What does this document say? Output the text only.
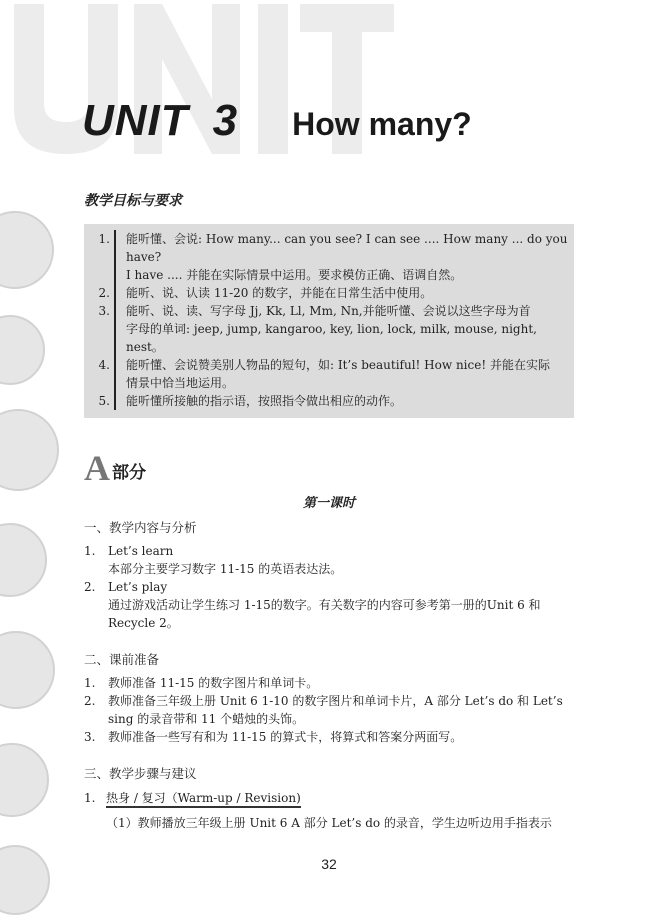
UNIT 3 How many?
教学目标与要求
1.	能听懂、会说: How many... can you see? I can see .... How many ... do you have?
I have .... 并能在实际情景中运用。要求模仿正确、语调自然。
2.	能听、说、认读 11-20 的数字，并能在日常生活中使用。
3.	能听、说、读、写字母 Jj, Kk, Ll, Mm, Nn,并能听懂、会说以这些字母为首
字母的单词: jeep, jump, kangaroo, key, lion, lock, milk, mouse, night, nest。
4.	能听懂、会说赞美别人物品的短句，如: It’s beautiful! How nice! 并能在实际
情景中恰当地运用。
5.	能听懂所接触的指示语，按照指令做出相应的动作。
A 部分
第一课时
一、教学内容与分析
1.	Let’s learn
本部分主要学习数字 11-15 的英语表达法。
2.	Let’s play
通过游戏活动让学生练习 1-15的数字。有关数字的内容可参考第一册的Unit 6 和 Recycle 2。
二、课前准备
1.	教师准备 11-15 的数字图片和单词卡。
2.	教师准备三年级上册 Unit 6 1-10 的数字图片和单词卡片，A 部分 Let’s do 和 Let’s
sing 的录音带和 11 个蜡烛的头饰。
3.	教师准备一些写有和为 11-15 的算式卡，将算式和答案分两面写。
三、教学步骤与建议
1. 热身 / 复习（Warm-up / Revision)
（1）教师播放三年级上册 Unit 6 A 部分 Let’s do 的录音，学生边听边用手指表示
32
